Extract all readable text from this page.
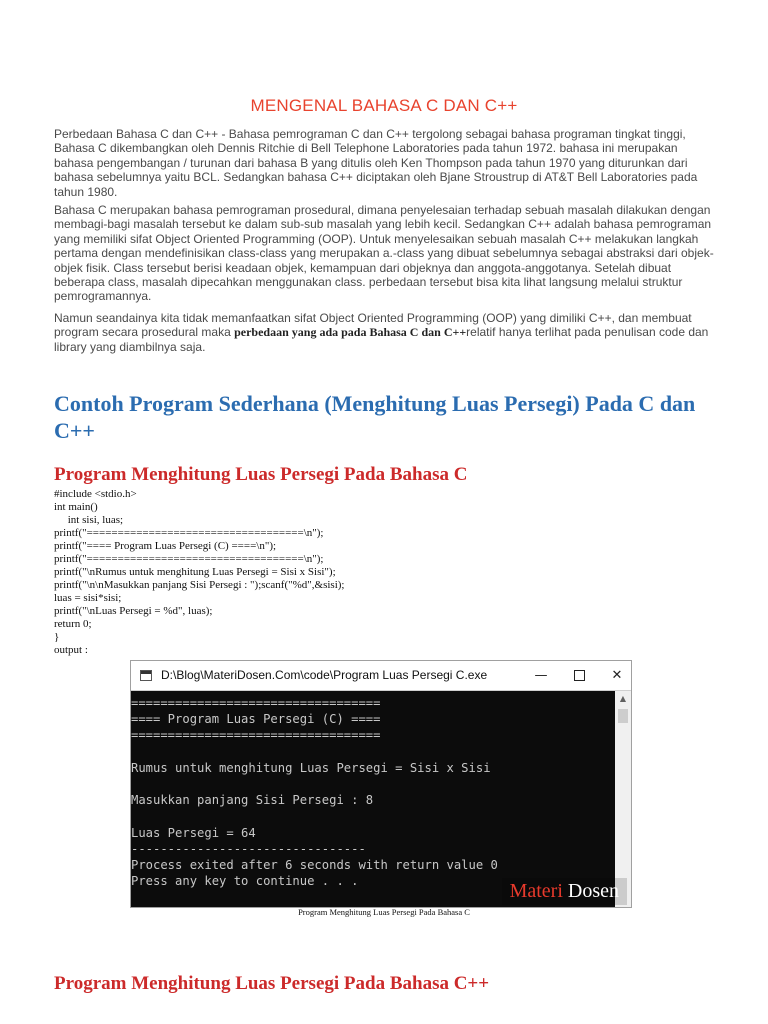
MENGENAL BAHASA C DAN C++

Perbedaan Bahasa C dan C++ - Bahasa pemrograman C dan C++ tergolong sebagai bahasa programan tingkat tinggi, Bahasa C dikembangkan oleh Dennis Ritchie di Bell Telephone Laboratories pada tahun 1972. bahasa ini merupakan bahasa pengembangan / turunan dari bahasa B yang ditulis oleh Ken Thompson pada tahun 1970 yang diturunkan dari bahasa sebelumnya yaitu BCL. Sedangkan bahasa C++ diciptakan oleh Bjane Stroustrup di AT&T Bell Laboratories pada tahun 1980.

Bahasa C merupakan bahasa pemrograman prosedural, dimana penyelesaian terhadap sebuah masalah dilakukan dengan membagi-bagi masalah tersebut ke dalam sub-sub masalah yang lebih kecil. Sedangkan C++ adalah bahasa pemrograman yang memiliki sifat Object Oriented Programming (OOP). Untuk menyelesaikan sebuah masalah C++ melakukan langkah pertama dengan mendefinisikan class-class yang merupakan a.-class yang dibuat sebelumnya sebagai abstraksi dari objek-objek fisik. Class tersebut berisi keadaan objek, kemampuan dari objeknya dan anggota-anggotanya. Setelah dibuat beberapa class, masalah dipecahkan menggunakan class. perbedaan tersebut bisa kita lihat langsung melalui struktur pemrogramannya.

Namun seandainya kita tidak memanfaatkan sifat Object Oriented Programming (OOP) yang dimiliki C++, dan membuat program secara prosedural maka perbedaan yang ada pada Bahasa C dan C++relatif hanya terlihat pada penulisan code dan library yang diambilnya saja.

Contoh Program Sederhana (Menghitung Luas Persegi) Pada C dan C++
Program Menghitung Luas Persegi Pada Bahasa C
#include <stdio.h>
int main()
int sisi, luas;
printf("===================================\n");
printf("==== Program Luas Persegi (C) ====\n");
printf("===================================\n");
printf("\nRumus untuk menghitung Luas Persegi = Sisi x Sisi");
printf("\n\nMasukkan panjang Sisi Persegi : ");scanf("%d",&sisi);
luas = sisi*sisi;
printf("\nLuas Persegi = %d", luas);
return 0;
}
output :
D:\Blog\MateriDosen.Com\code\Program Luas Persegi C.exe	—	✕
==================================
==== Program Luas Persegi (C) ====
==================================
Rumus untuk menghitung Luas Persegi = Sisi x Sisi
Masukkan panjang Sisi Persegi : 8
Luas Persegi = 64
--------------------------------
Process exited after 6 seconds with return value 0
Press any key to continue . . .
▲
Materi Dosen
Program Menghitung Luas Persegi Pada Bahasa C
Program Menghitung Luas Persegi Pada Bahasa C++
